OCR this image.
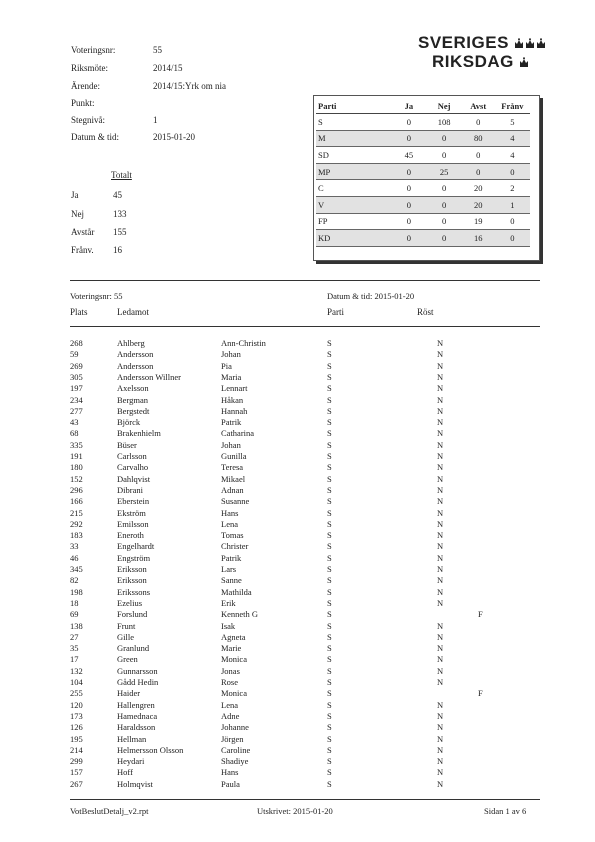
SVERIGES
RIKSDAG
Voteringsnr:	55
Riksmöte:	2014/15
Ärende:	2014/15:Yrk om nia
Punkt:
Stegnivå:	1
Datum & tid:	2015-01-20
Totalt
Ja	45
Nej	133
Avstår 155
Frånv. 16
Parti	Ja	Nej	Avst	Frånv
S	0	108	0	5
M	0	0	80	4
SD	45	0	0	4
MP	0	25	0	0
C	0	0	20	2
V	0	0	20	1
FP	0	0	19	0
KD	0	0	16	0
Voteringsnr: 55	Datum & tid: 2015-01-20
Plats	Ledamot	Parti	Röst
268	Ahlberg	Ann-Christin	S	N
59	Andersson	Johan	S	N
269	Andersson	Pia	S	N
305	Andersson Willner	Maria	S	N
197	Axelsson	Lennart	S	N
234	Bergman	Håkan	S	N
277	Bergstedt	Hannah	S	N
43	Björck	Patrik	S	N
68	Brakenhielm	Catharina	S	N
335	Büser	Johan	S	N
191	Carlsson	Gunilla	S	N
180	Carvalho	Teresa	S	N
152	Dahlqvist	Mikael	S	N
296	Dibrani	Adnan	S	N
166	Eberstein	Susanne	S	N
215	Ekström	Hans	S	N
292	Emilsson	Lena	S	N
183	Eneroth	Tomas	S	N
33	Engelhardt	Christer	S	N
46	Engström	Patrik	S	N
345	Eriksson	Lars	S	N
82	Eriksson	Sanne	S	N
198	Erikssons	Mathilda	S	N
18	Ezelius	Erik	S	N
69	Forslund	Kenneth G	S	F
138	Frunt	Isak	S	N
27	Gille	Agneta	S	N
35	Granlund	Marie	S	N
17	Green	Monica	S	N
132	Gunnarsson	Jonas	S	N
104	Gådd Hedin	Rose	S	N
255	Haider	Monica	S	F
120	Hallengren	Lena	S	N
173	Hamednaca	Adne	S	N
126	Haraldsson	Johanne	S	N
195	Hellman	Jörgen	S	N
214	Helmersson Olsson	Caroline	S	N
299	Heydari	Shadiye	S	N
157	Hoff	Hans	S	N
267	Holmqvist	Paula	S	N
VotBeslutDetalj_v2.rpt	Utskrivet: 2015-01-20	Sidan 1 av 6
